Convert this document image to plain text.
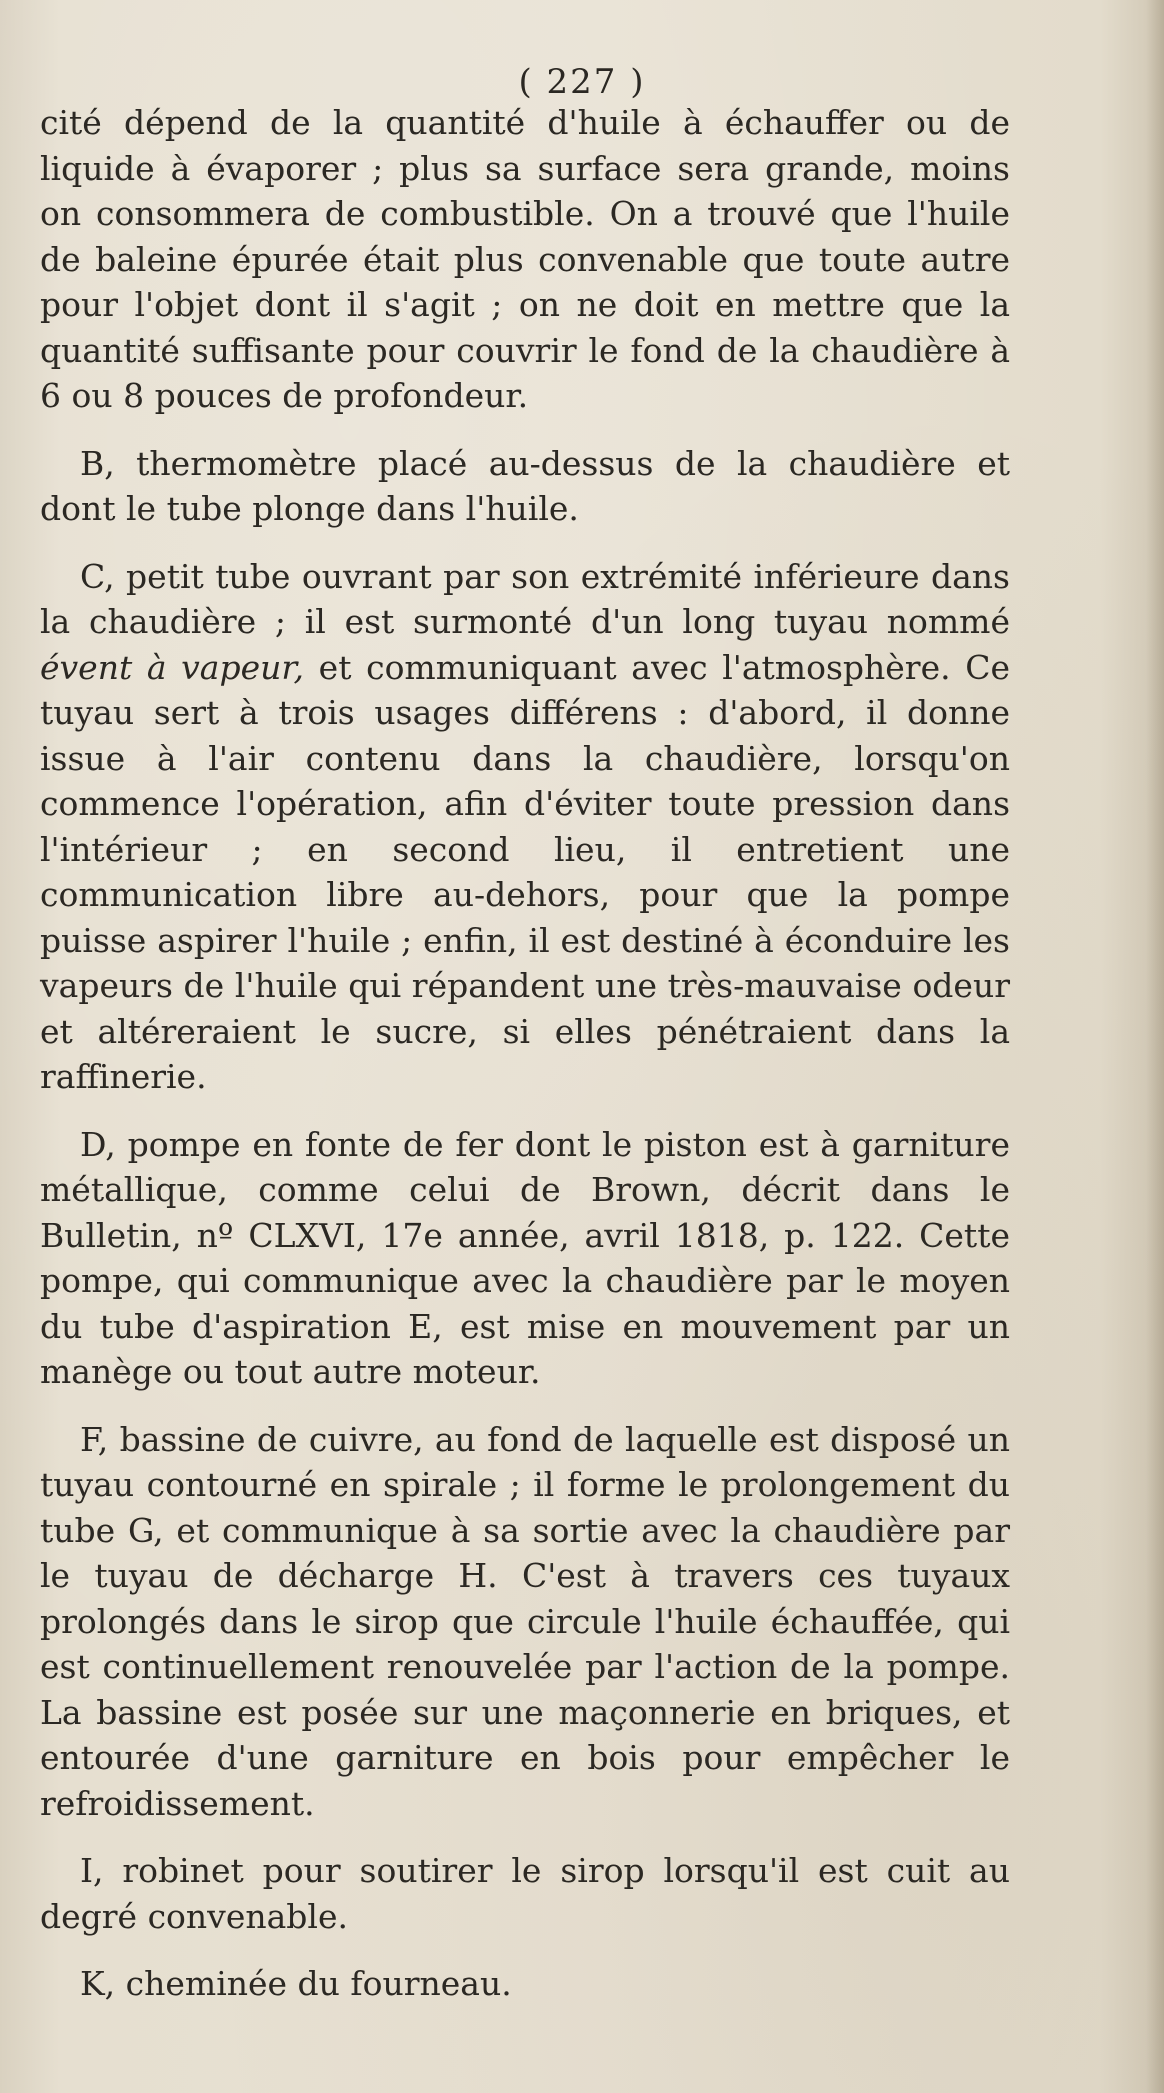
( 227 )

cité dépend de la quantité d'huile à échauffer ou de liquide à évaporer ; plus sa surface sera grande, moins on consommera de combustible. On a trouvé que l'huile de baleine épurée était plus convenable que toute autre pour l'objet dont il s'agit ; on ne doit en mettre que la quantité suffisante pour couvrir le fond de la chaudière à 6 ou 8 pouces de profondeur.

B, thermomètre placé au-dessus de la chaudière et dont le tube plonge dans l'huile.

C, petit tube ouvrant par son extrémité inférieure dans la chaudière ; il est surmonté d'un long tuyau nommé évent à vapeur, et communiquant avec l'atmosphère. Ce tuyau sert à trois usages différens : d'abord, il donne issue à l'air contenu dans la chaudière, lorsqu'on commence l'opération, afin d'éviter toute pression dans l'intérieur ; en second lieu, il entretient une communication libre au-dehors, pour que la pompe puisse aspirer l'huile ; enfin, il est destiné à éconduire les vapeurs de l'huile qui répandent une très-mauvaise odeur et altéreraient le sucre, si elles pénétraient dans la raffinerie.

D, pompe en fonte de fer dont le piston est à garniture métallique, comme celui de Brown, décrit dans le Bulletin, nº CLXVI, 17e année, avril 1818, p. 122. Cette pompe, qui communique avec la chaudière par le moyen du tube d'aspiration E, est mise en mouvement par un manège ou tout autre moteur.

F, bassine de cuivre, au fond de laquelle est disposé un tuyau contourné en spirale ; il forme le prolongement du tube G, et communique à sa sortie avec la chaudière par le tuyau de décharge H. C'est à travers ces tuyaux prolongés dans le sirop que circule l'huile échauffée, qui est continuellement renouvelée par l'action de la pompe. La bassine est posée sur une maçonnerie en briques, et entourée d'une garniture en bois pour empêcher le refroidissement.

I, robinet pour soutirer le sirop lorsqu'il est cuit au degré convenable.

K, cheminée du fourneau.
